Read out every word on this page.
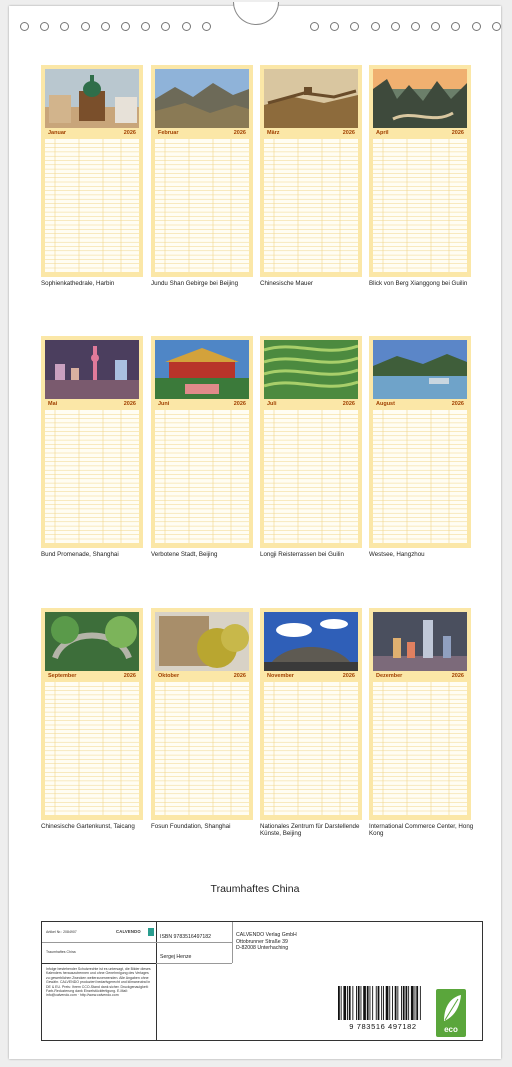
Januar	2026
Sophienkathedrale, Harbin
Februar	2026
Jundu Shan Gebirge bei Beijing
März	2026
Chinesische Mauer
April	2026
Blick von Berg Xianggong bei Guilin
Mai	2026
Bund Promenade, Shanghai
Juni	2026
Verbotene Stadt, Beijing
Juli	2026
Longji Reisterrassen bei Guilin
August	2026
Westsee, Hangzhou
September	2026
Chinesische Gartenkunst, Taicang
Oktober	2026
Fosun Foundation, Shanghai
November	2026
Nationales Zentrum für Darstellende Künste, Beijing
Dezember	2026
International Commerce Center, Hong Kong
Traumhaftes China
Artikel Nr.: 2084907
Traumhaftes China
CALVENDO
Infolge bestehender Schutzrechte ist es untersagt, die Bilder dieses Kalenders herauszutrennen und ohne Genehmigung des Verlages zu gewerblichen Zwecken weiterzuverwenden. Alle Angaben ohne Gewähr. CALVENDO produziert bedarfsgerecht und klimaneutral in DE & EU. Preis: Ihrem CCO-Stand dank sicher. Druckgenauigkeit: Farb-Reduzierung dank Einzelstückfertigung. E-Mail: info@calvendo.com · http://www.calvendo.com
ISBN 9783516497182
Sergej Henze
CALVENDO Verlag GmbH
Ottobrunner Straße 39
D-82008 Unterhaching
9 783516 497182	eco
